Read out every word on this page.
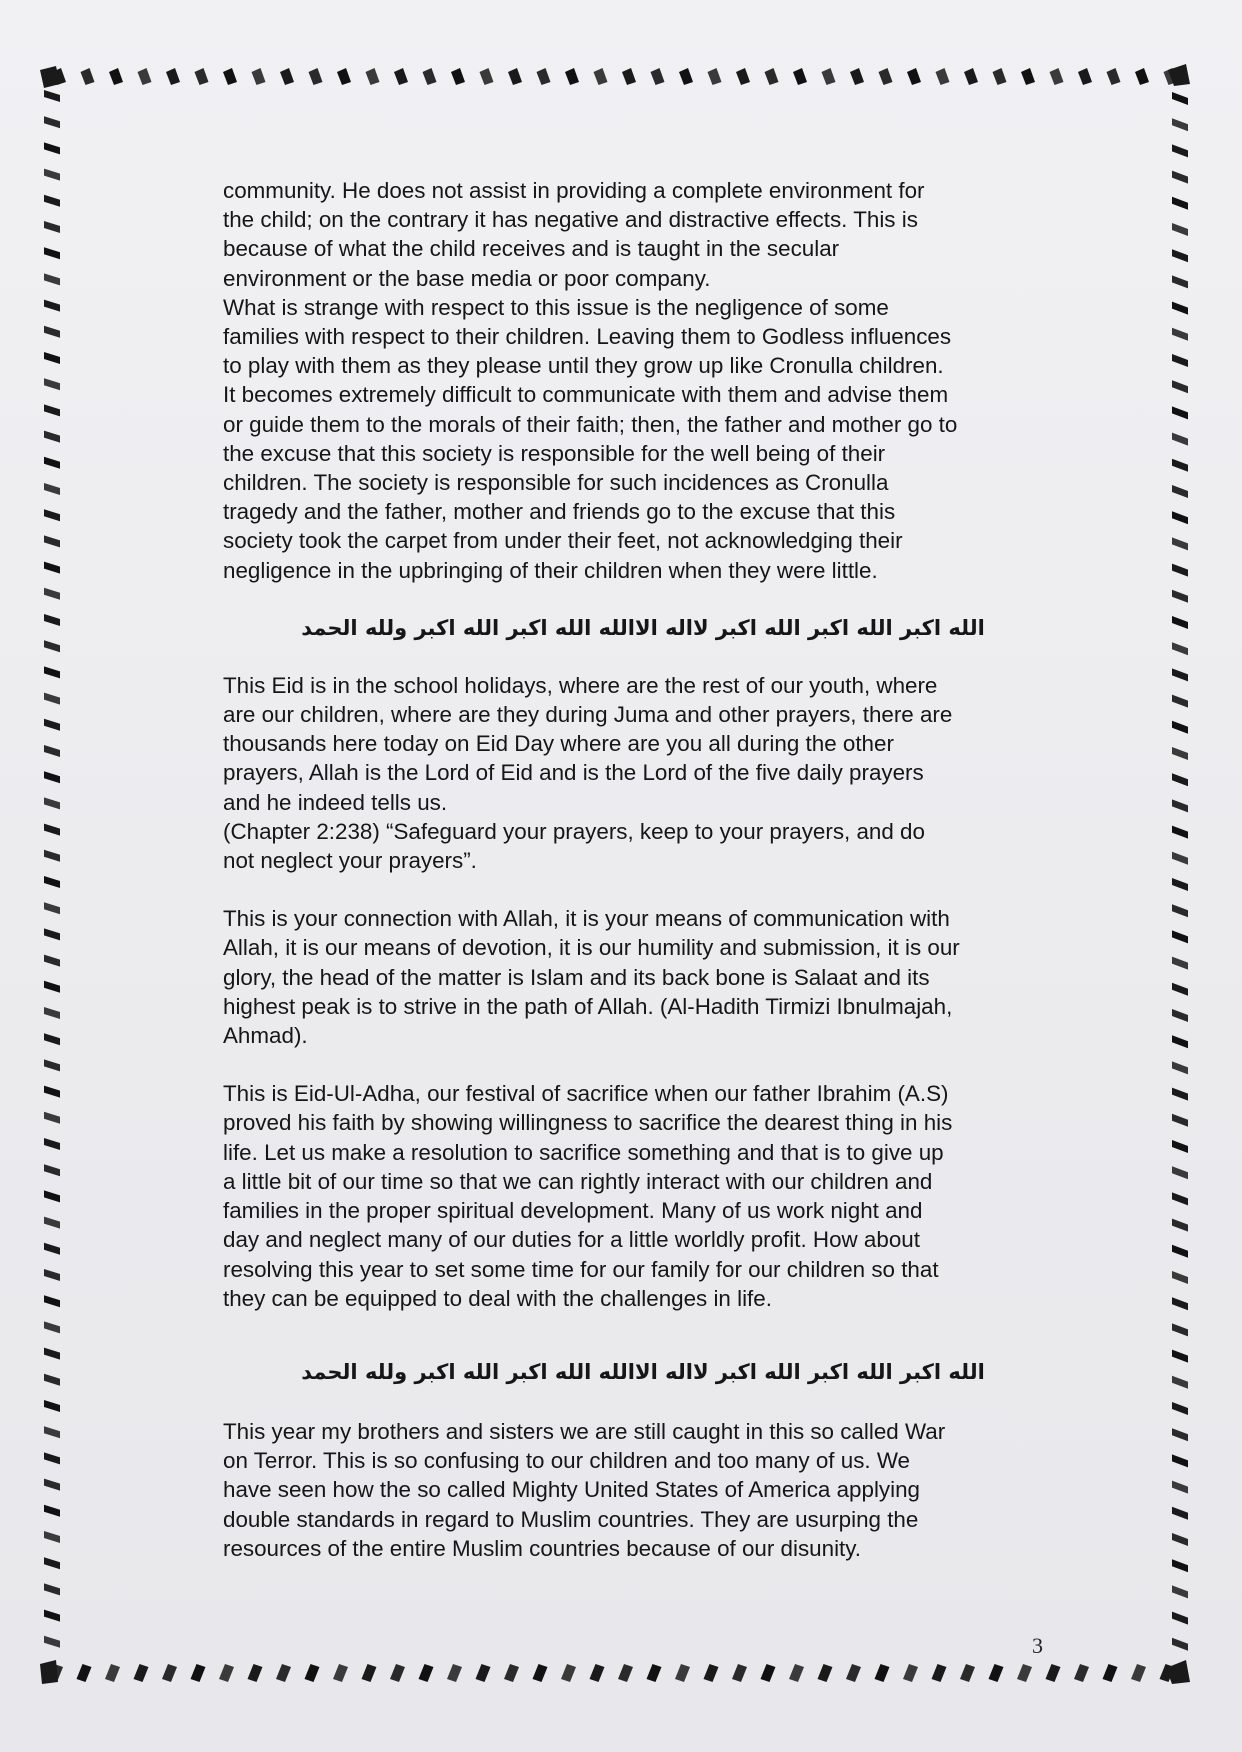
community. He does not assist in providing a complete environment for
the child; on the contrary it has negative and distractive effects. This is
because of what the child receives and is taught in the secular
environment or the base media or poor company.
What is strange with respect to this issue is the negligence of some
families with respect to their children. Leaving them to Godless influences
to play with them as they please until they grow up like Cronulla children.
It becomes extremely difficult to communicate with them and advise them
or guide them to the morals of their faith; then, the father and mother go to
the excuse that this society is responsible for the well being of their
children. The society is responsible for such incidences as Cronulla
tragedy and the father, mother and friends go to the excuse that this
society took the carpet from under their feet, not acknowledging their
negligence in the upbringing of their children when they were little.

الله اكبر الله اكبر الله اكبر لااله الاالله الله اكبر الله اكبر ولله الحمد

This Eid is in the school holidays, where are the rest of our youth, where
are our children, where are they during Juma and other prayers, there are
thousands here today on Eid Day where are you all during the other
prayers, Allah is the Lord of Eid and is the Lord of the five daily prayers
and he indeed tells us.
(Chapter 2:238) “Safeguard your prayers, keep to your prayers, and do
not neglect your prayers”.

This is your connection with Allah, it is your means of communication with
Allah, it is our means of devotion, it is our humility and submission, it is our
glory, the head of the matter is Islam and its back bone is Salaat and its
highest peak is to strive in the path of Allah. (Al-Hadith Tirmizi Ibnulmajah,
Ahmad).

This is Eid-Ul-Adha, our festival of sacrifice when our father Ibrahim (A.S)
proved his faith by showing willingness to sacrifice the dearest thing in his
life. Let us make a resolution to sacrifice something and that is to give up
a little bit of our time so that we can rightly interact with our children and
families in the proper spiritual development. Many of us work night and
day and neglect many of our duties for a little worldly profit. How about
resolving this year to set some time for our family for our children so that
they can be equipped to deal with the challenges in life.

الله اكبر الله اكبر الله اكبر لااله الاالله الله اكبر الله اكبر ولله الحمد

This year my brothers and sisters we are still caught in this so called War
on Terror. This is so confusing to our children and too many of us. We
have seen how the so called Mighty United States of America applying
double standards in regard to Muslim countries. They are usurping the
resources of the entire Muslim countries because of our disunity.

3
